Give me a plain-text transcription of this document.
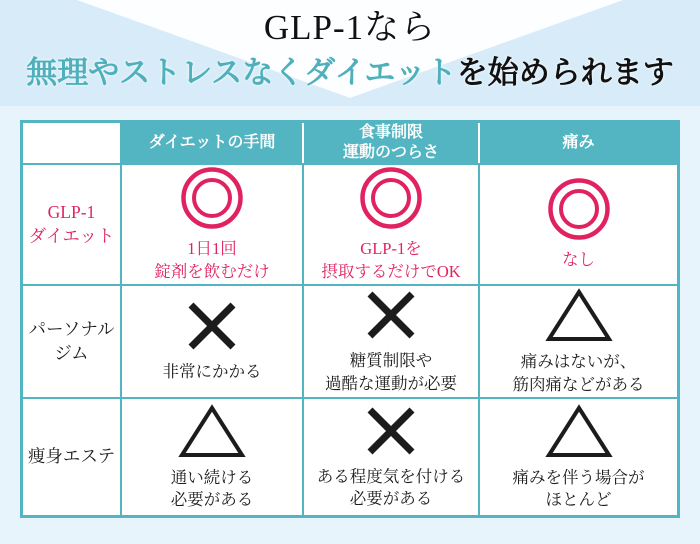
GLP-1なら
無理やストレスなくダイエットを始められます
ダイエットの手間
食事制限
運動のつらさ
痛み
GLP-1
ダイエット
1日1回
錠剤を飲むだけ
GLP-1を
摂取するだけでOK
なし
パーソナル
ジム
非常にかかる
糖質制限や
過酷な運動が必要
痛みはないが、
筋肉痛などがある
痩身エステ
通い続ける
必要がある
ある程度気を付ける
必要がある
痛みを伴う場合が
ほとんど
